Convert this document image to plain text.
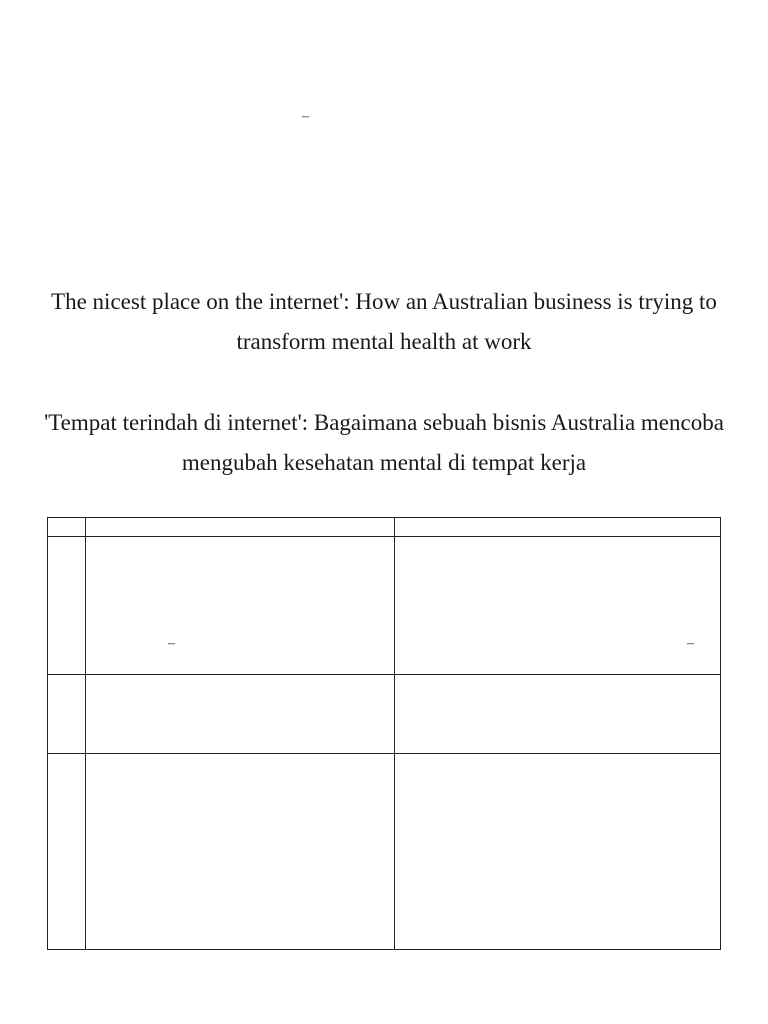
–
The nicest place on the internet': How an Australian business is trying to transform mental health at work
'Tempat terindah di internet': Bagaimana sebuah bisnis Australia mencoba mengubah kesehatan mental di tempat kerja

	–	–
